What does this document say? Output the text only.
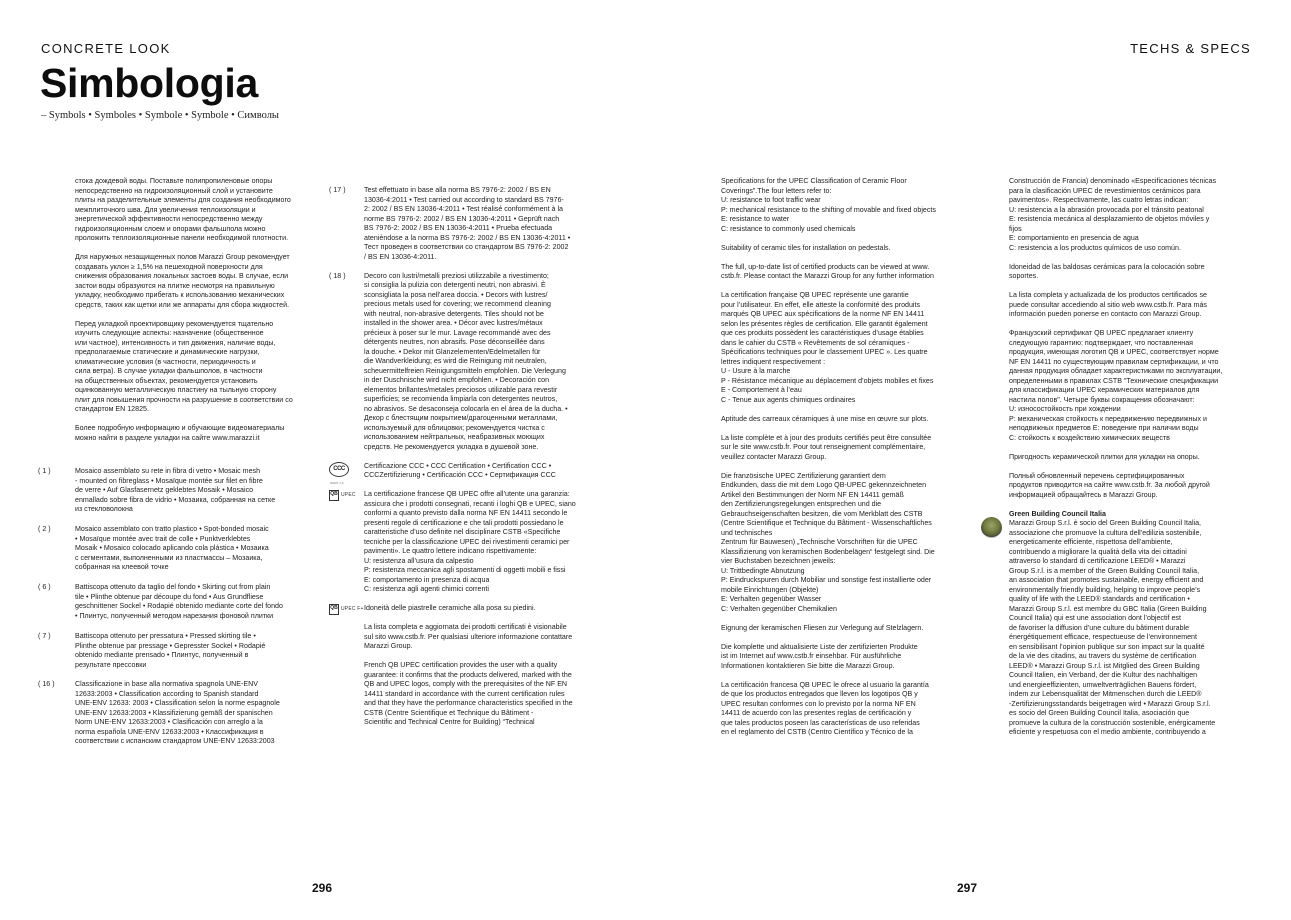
CONCRETE LOOK	TECHS & SPECS
Simbologia
– Symbols • Symboles • Symbole • Symbole • Символы

стока дождевой воды. Поставьте полипропиленовые опоры
непосредственно на гидроизоляционный слой и установите
плиты на разделительные элементы для создания необходимого
межплиточного шва. Для увеличения теплоизоляции и
энергетической эффективности непосредственно между
гидроизоляционным слоем и опорами фальшпола можно
проложить теплоизоляционные панели необходимой плотности.

Для наружных незащищенных полов Marazzi Group рекомендует
создавать уклон ≥ 1,5% на пешеходной поверхности для
снижения образования локальных застоев воды. В случае, если
застои воды образуются на плитке несмотря на правильную
укладку, необходимо прибегать к использованию механических
средств, таких как щетки или же аппараты для сбора жидкостей.

Перед укладкой проектировщику рекомендуется тщательно
изучить следующие аспекты: назначение (общественное
или частное), интенсивность и тип движения, наличие воды,
предполагаемые статические и динамические нагрузки,
климатические условия (в частности, периодичность и
сила ветра). В случае укладки фальшполов, в частности
на общественных объектах, рекомендуется установить
оцинкованную металлическую пластину на тыльную сторону
плит для повышения прочности на разрушение в соответствии со
стандартом EN 12825.

Более подробную информацию и обучающие видеоматериалы
можно найти в разделе укладки на сайте www.marazzi.it

( 1 )	Mosaico assemblato su rete in fibra di vetro • Mosaic mesh
- mounted on fibreglass • Mosaïque montée sur filet en fibre
de verre • Auf Glasfasernetz geklebtes Mosaik • Mosaico
enmallado sobre fibra de vidrio • Мозаика, собранная на сетке
из стекловолокна
( 2 )	Mosaico assemblato con tratto plastico • Spot-bonded mosaic
• Mosaïque montée avec trait de colle • Punktverklebtes
Mosaik • Mosaico colocado aplicando cola plástica • Мозаика
с сегментами, выполненными из пластмассы – Мозаика,
собранная на клеевой точке
( 6 )	Battiscopa ottenuto da taglio del fondo • Skirting cut from plain
tile • Plinthe obtenue par découpe du fond • Aus Grundfliese
geschnittener Sockel • Rodapié obtenido mediante corte del fondo
• Плинтус, полученный методом нарезания фоновой плитки
( 7 )	Battiscopa ottenuto per pressatura • Pressed skirting tile •
Plinthe obtenue par pressage • Gepresster Sockel • Rodapié
obtenido mediante prensado • Плинтус, полученный в
результате прессовки
( 16 )	Classificazione in base alla normativa spagnola UNE-ENV
12633:2003 • Classification according to Spanish standard
UNE-ENV 12633: 2003 • Classification selon la norme espagnole
UNE-ENV 12633:2003 • Klassifizierung gemäß der spanischen
Norm UNE-ENV 12633:2003 • Clasificación con arreglo a la
norma española UNE-ENV 12633:2003 • Классификация в
соответствии с испанским стандартом UNE-ENV 12633:2003
( 17 )	Test effettuato in base alla norma BS 7976-2: 2002 / BS EN
13036-4:2011 • Test carried out according to standard BS 7976-
2: 2002 / BS EN 13036-4:2011 • Test réalisé conformément à la
norme BS 7976-2: 2002 / BS EN 13036-4:2011 • Geprüft nach
BS 7976-2: 2002 / BS EN 13036-4:2011 • Prueba efectuada
ateniéndose a la norma BS 7976-2: 2002 / BS EN 13036-4:2011 •
Тест проведен в соответствии со стандартом BS 7976-2: 2002
/ BS EN 13036-4:2011.
( 18 )	Decoro con lustri/metalli preziosi utilizzabile a rivestimento;
si consiglia la pulizia con detergenti neutri, non abrasivi. È
sconsigliata la posa nell’area doccia. • Decors with lustres/
precious metals used for covering; we recommend cleaning
with neutral, non-abrasive detergents. Tiles should not be
installed in the shower area. • Décor avec lustres/métaux
précieux à poser sur le mur. Lavage recommandé avec des
détergents neutres, non abrasifs. Pose déconseillée dans
la douche. • Dekor mit Glanzelementen/Edelmetallen für
die Wandverkleidung; es wird die Reinigung mit neutralen,
scheuermittelfreien Reinigungsmitteln empfohlen. Die Verlegung
in der Duschnische wird nicht empfohlen. • Decoración con
elementos brillantes/metales preciosos utilizable para revestir
superficies; se recomienda limpiarla con detergentes neutros,
no abrasivos. Se desaconseja colocarla en el área de la ducha. •
Декор с блестящим покрытием/драгоценными металлами,
используемый для облицовки; рекомендуется чистка с
использованием нейтральных, неабразивных моющих
средств. Не рекомендуется укладка в душевой зоне.
CCC
0000T J.S
Certificazione CCC • CCC Certification • Certification CCC •
CCCZertifizierung • Certificación CCC • Сертификация CCC
QB UPEC La certificazione francese QB UPEC offre all’utente una garanzia:
assicura che i prodotti consegnati, recanti i loghi QB e UPEC, siano
conformi a quanto previsto dalla norma NF EN 14411 secondo le
presenti regole di certificazione e che tali prodotti possiedano le
caratteristiche d’uso definite nel disciplinare CSTB «Specifiche
tecniche per la classificazione UPEC dei rivestimenti ceramici per
pavimenti». Le quattro lettere indicano rispettivamente:
U: resistenza all’usura da calpestio
P: resistenza meccanica agli spostamenti di oggetti mobili e fissi
E: comportamento in presenza di acqua
C: resistenza agli agenti chimici correnti
QB UPEC F+ Idoneità delle piastrelle ceramiche alla posa su piedini.
La lista completa e aggiornata dei prodotti certificati è visionabile
sul sito www.cstb.fr. Per qualsiasi ulteriore informazione contattare
Marazzi Group.
French QB UPEC certification provides the user with a quality
guarantee: it confirms that the products delivered, marked with the
QB and UPEC logos, comply with the prerequisites of the NF EN
14411 standard in accordance with the current certification rules
and that they have the performance characteristics specified in the
CSTB (Centre Scientifique et Technique du Bâtiment -
Scientific and Technical Centre for Building) “Technical

Specifications for the UPEC Classification of Ceramic Floor
Coverings”.The four letters refer to:
U: resistance to foot traffic wear
P: mechanical resistance to the shifting of movable and fixed objects
E: resistance to water
C: resistance to commonly used chemicals

Suitability of ceramic tiles for installation on pedestals.

The full, up-to-date list of certified products can be viewed at www.
cstb.fr. Please contact the Marazzi Group for any further information

La certification française QB UPEC représente une garantie
pour l’utilisateur. En effet, elle atteste la conformité des produits
marqués QB UPEC aux spécifications de la norme NF EN 14411
selon les présentes règles de certification. Elle garantit également
que ces produits possèdent les caractéristiques d’usage établies
dans le cahier du CSTB « Revêtements de sol céramiques -
Spécifications techniques pour le classement UPEC ». Les quatre
lettres indiquent respectivement :
U - Usure à la marche
P - Résistance mécanique au déplacement d’objets mobiles et fixes
E - Comportement à l’eau
C - Tenue aux agents chimiques ordinaires

Aptitude des carreaux céramiques à une mise en œuvre sur plots.

La liste complète et à jour des produits certifiés peut être consultée
sur le site www.cstb.fr. Pour tout renseignement complémentaire,
veuillez contacter Marazzi Group.

Die französische UPEC Zertifizierung garantiert dem
Endkunden, dass die mit dem Logo QB-UPEC gekennzeichneten
Artikel den Bestimmungen der Norm NF EN 14411 gemäß
den Zertifizierungsregelungen entsprechen und die
Gebrauchseigenschaften besitzen, die vom Merkblatt des CSTB
(Centre Scientifique et Technique du Bâtiment - Wissenschaftliches
und technisches
Zentrum für Bauwesen) „Technische Vorschriften für die UPEC
Klassifizierung von keramischen Bodenbelägen“ festgelegt sind. Die
vier Buchstaben bezeichnen jeweils:
U: Trittbedingte Abnutzung
P: Eindruckspuren durch Mobiliar und sonstige fest installierte oder
mobile Einrichtungen (Objekte)
E: Verhalten gegenüber Wasser
C: Verhalten gegenüber Chemikalien

Eignung der keramischen Fliesen zur Verlegung auf Stelzlagern.

Die komplette und aktualisierte Liste der zertifizierten Produkte
ist im Internet auf www.cstb.fr einsehbar. Für ausführliche
Informationen kontaktieren Sie bitte die Marazzi Group.

La certificación francesa QB UPEC le ofrece al usuario la garantía
de que los productos entregados que lleven los logotipos QB y
UPEC resultan conformes con lo previsto por la norma NF EN
14411 de acuerdo con las presentes reglas de certificación y
que tales productos poseen las características de uso referidas
en el reglamento del CSTB (Centro Científico y Técnico de la

Construcción de Francia) denominado «Especificaciones técnicas
para la clasificación UPEC de revestimientos cerámicos para
pavimentos». Respectivamente, las cuatro letras indican:
U: resistencia a la abrasión provocada por el tránsito peatonal
E: resistencia mecánica al desplazamiento de objetos móviles y
fijos
E: comportamiento en presencia de agua
C: resistencia a los productos químicos de uso común.

Idoneidad de las baldosas cerámicas para la colocación sobre
soportes.

La lista completa y actualizada de los productos certificados se
puede consultar accediendo al sitio web www.cstb.fr. Para más
información pueden ponerse en contacto con Marazzi Group.

Французский сертификат QB UPEC предлагает клиенту
следующую гарантию: подтверждает, что поставленная
продукция, имеющая логотип QB и UPEC, соответствует норме
NF EN 14411 по существующим правилам сертификации, и что
данная продукция обладает характеристиками по эксплуатации,
определенными в правилах CSTB "Технические спецификации
для классификации UPEC керамических материалов для
настила полов". Четыре буквы сокращения обозначают:
U: износостойкость при хождении
P: механическая стойкость к передвижению передвижных и
неподвижных предметов E: поведение при наличии воды
C: стойкость к воздействию химических веществ

Пригодность керамической плитки для укладки на опоры.

Полный обновленный перечень сертифицированных
продуктов приводится на сайте www.cstb.fr. За любой другой
информацией обращайтесь в Marazzi Group.

Green Building Council Italia

Marazzi Group S.r.l. è socio del Green Building Council Italia,
associazione che promuove la cultura dell’edilizia sostenibile,
energeticamente efficiente, rispettosa dell’ambiente,
contribuendo a migliorare la qualità della vita dei cittadini
attraverso lo standard di certificazione LEED® • Marazzi
Group S.r.l. is a member of the Green Building Council Italia,
an association that promotes sustainable, energy efficient and
environmentally friendly building, helping to improve people’s
quality of life with the LEED® standards and certification •
Marazzi Group S.r.l. est membre du GBC Italia (Green Building
Council Italia) qui est une association dont l’objectif est
de favoriser la diffusion d’une culture du bâtiment durable
énergétiquement efficace, respectueuse de l’environnement
en sensibilisant l’opinion publique sur son impact sur la qualité
de la vie des citadins, au travers du système de certification
LEED® • Marazzi Group S.r.l. ist Mitglied des Green Building
Council Italien, ein Verband, der die Kultur des nachhaltigen
und energieeffizienten, umweltverträglichen Bauens fördert,
indem zur Lebensqualität der Mitmenschen durch die LEED®
-Zertifizierungsstandards beigetragen wird • Marazzi Group S.r.l.
es socio del Green Building Council Italia, asociación que
promueve la cultura de la construcción sostenible, enérgicamente
eficiente y respetuosa con el medio ambiente, contribuyendo a

296	297
